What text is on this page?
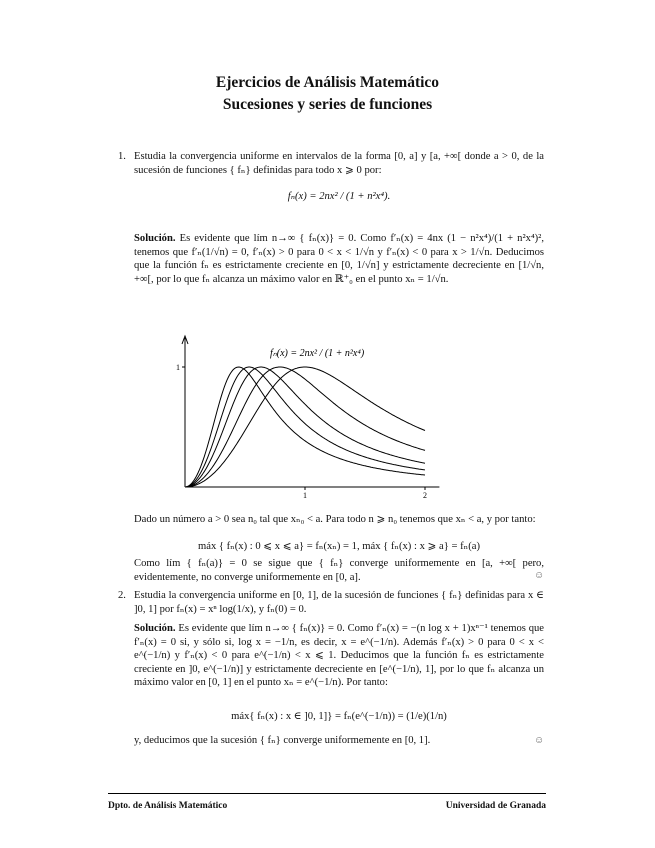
Ejercicios de Análisis Matemático
Sucesiones y series de funciones
1. Estudia la convergencia uniforme en intervalos de la forma [0, a] y [a, +∞[ donde a > 0, de la sucesión de funciones { fₙ} definidas para todo x ⩾ 0 por:
fₙ(x) = 2nx² / (1 + n²x⁴).
Solución. Es evidente que lím n→∞ { fₙ(x)} = 0. Como f′ₙ(x) = 4nx (1 − n²x⁴)/(1 + n²x⁴)², tenemos que f′ₙ(1/√n) = 0, f′ₙ(x) > 0 para 0 < x < 1/√n y f′ₙ(x) < 0 para x > 1/√n. Deducimos que la función fₙ es estrictamente creciente en [0, 1/√n] y estrictamente decreciente en [1/√n, +∞[, por lo que fₙ alcanza un máximo valor en ℝ⁺₀ en el punto xₙ = 1/√n.
1	2
1
fₙ(x) = 2nx² / (1 + n²x⁴)
Dado un número a > 0 sea n₀ tal que xₙ₀ < a. Para todo n ⩾ n₀ tenemos que xₙ < a, y por tanto:
máx { fₙ(x) : 0 ⩽ x ⩽ a} = fₙ(xₙ) = 1, máx { fₙ(x) : x ⩾ a} = fₙ(a)
Como lím { fₙ(a)} = 0 se sigue que { fₙ} converge uniformemente en [a, +∞[ pero, evidentemente, no converge uniformemente en [0, a].	☺
2. Estudia la convergencia uniforme en [0, 1], de la sucesión de funciones { fₙ} definidas para x ∈ ]0, 1] por fₙ(x) = xⁿ log(1/x), y fₙ(0) = 0.
Solución. Es evidente que lím n→∞ { fₙ(x)} = 0. Como f′ₙ(x) = −(n log x + 1)xⁿ⁻¹ tenemos que f′ₙ(x) = 0 si, y sólo si, log x = −1/n, es decir, x = e^(−1/n). Además f′ₙ(x) > 0 para 0 < x < e^(−1/n) y f′ₙ(x) < 0 para e^(−1/n) < x ⩽ 1. Deducimos que la función fₙ es estrictamente creciente en ]0, e^(−1/n)] y estrictamente decreciente en [e^(−1/n), 1], por lo que fₙ alcanza un máximo valor en [0, 1] en el punto xₙ = e^(−1/n). Por tanto:
máx{ fₙ(x) : x ∈ ]0, 1]} = fₙ(e^(−1/n)) = (1/e)(1/n)
y, deducimos que la sucesión { fₙ} converge uniformemente en [0, 1].	☺
Dpto. de Análisis Matemático	Universidad de Granada
